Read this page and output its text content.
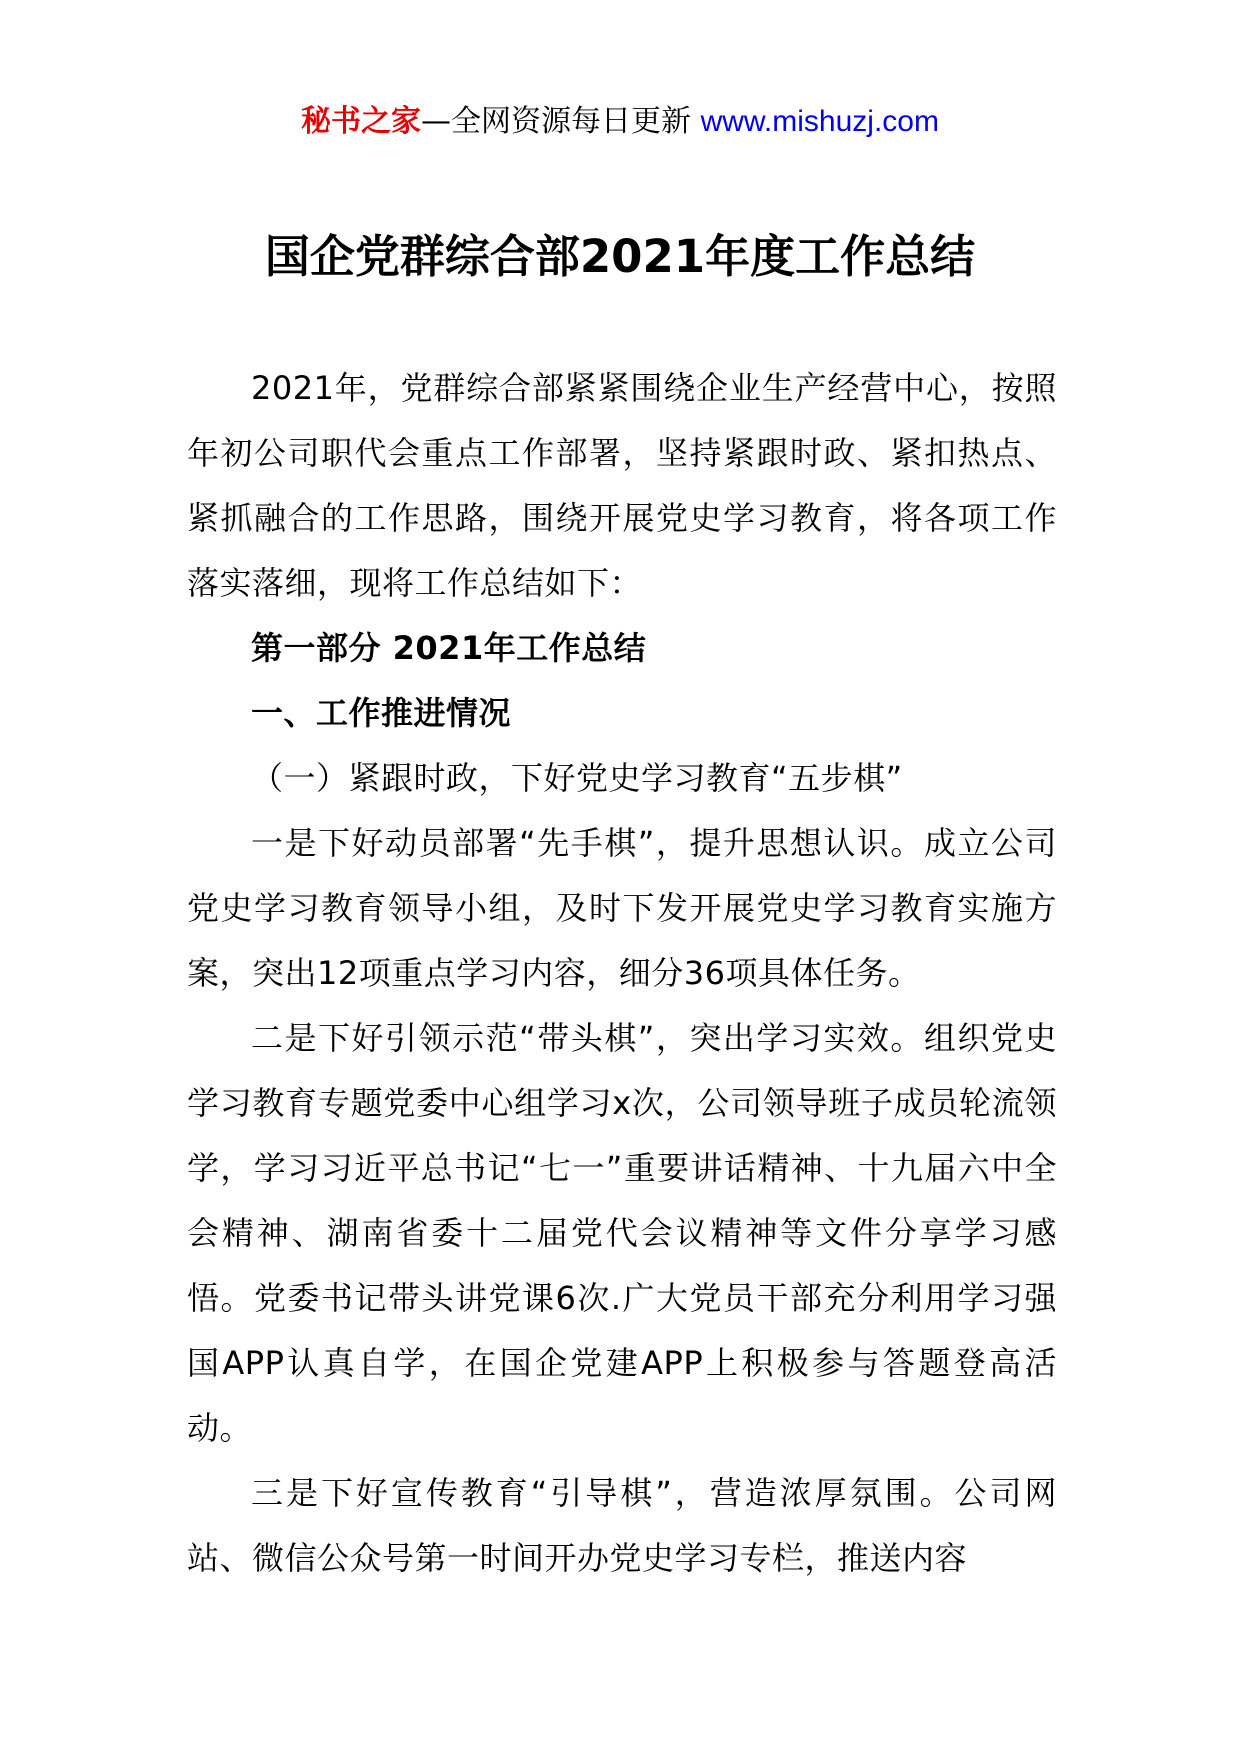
秘书之家—全网资源每日更新 www.mishuzj.com
国企党群综合部2021年度工作总结

2021年，党群综合部紧紧围绕企业生产经营中心，按照年初公司职代会重点工作部署，坚持紧跟时政、紧扣热点、紧抓融合的工作思路，围绕开展党史学习教育，将各项工作落实落细，现将工作总结如下：

第一部分 2021年工作总结

一、工作推进情况

（一）紧跟时政，下好党史学习教育“五步棋”

一是下好动员部署“先手棋”，提升思想认识。成立公司党史学习教育领导小组，及时下发开展党史学习教育实施方案，突出12项重点学习内容，细分36项具体任务。

二是下好引领示范“带头棋”，突出学习实效。组织党史学习教育专题党委中心组学习x次，公司领导班子成员轮流领学，学习习近平总书记“七一”重要讲话精神、十九届六中全会精神、湖南省委十二届党代会议精神等文件分享学习感悟。党委书记带头讲党课6次.广大党员干部充分利用学习强国APP认真自学，在国企党建APP上积极参与答题登高活动。

三是下好宣传教育“引导棋”，营造浓厚氛围。公司网站、微信公众号第一时间开办党史学习专栏，推送内容
